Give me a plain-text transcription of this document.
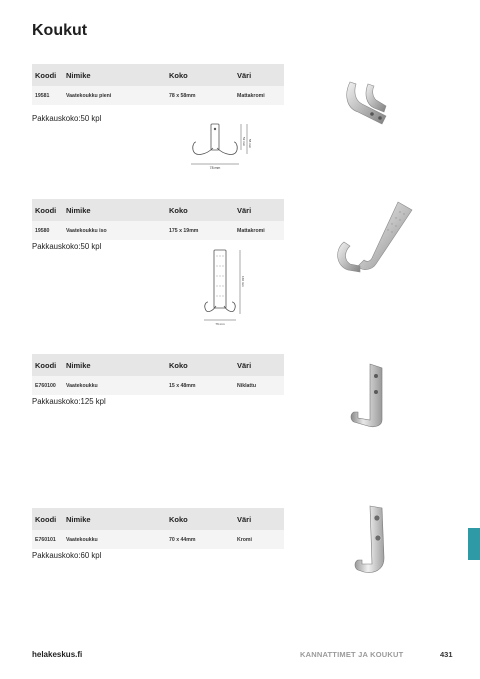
Koukut
Koodi	Nimike	Koko	Väri
19581	Vaatekoukku pieni	78 x 58mm	Mattakromi
Pakkauskoko:50 kpl
78 mm
52 mm 58 mm
Koodi	Nimike	Koko	Väri
19580	Vaatekoukku iso	175 x 19mm	Mattakromi
Pakkauskoko:50 kpl
76 mm
160 mm
Koodi	Nimike	Koko	Väri
E760100	Vaatekoukku	15 x 48mm	Niklattu
Pakkauskoko:125 kpl
Koodi	Nimike	Koko	Väri
E760101	Vaatekoukku	70 x 44mm	Kromi
Pakkauskoko:60 kpl
helakeskus.fi	KANNATTIMET JA KOUKUT	431
